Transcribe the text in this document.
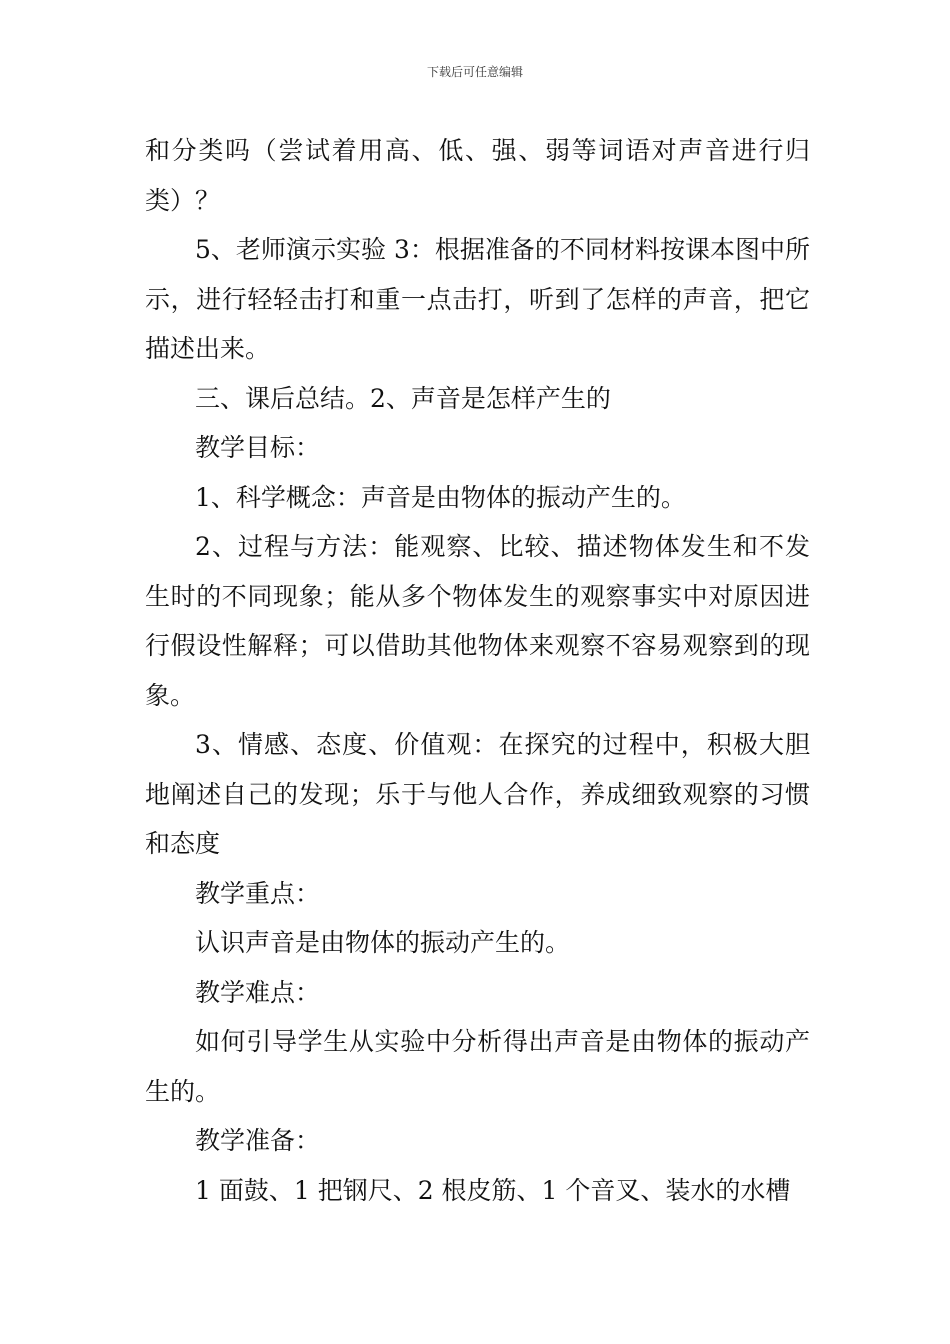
下载后可任意编辑

和分类吗（尝试着用高、低、强、弱等词语对声音进行归类）？

5、老师演示实验 3：根据准备的不同材料按课本图中所示，进行轻轻击打和重一点击打，听到了怎样的声音，把它描述出来。

三、课后总结。2、声音是怎样产生的

教学目标：

1、科学概念：声音是由物体的振动产生的。

2、过程与方法：能观察、比较、描述物体发生和不发生时的不同现象；能从多个物体发生的观察事实中对原因进行假设性解释；可以借助其他物体来观察不容易观察到的现象。

3、情感、态度、价值观：在探究的过程中，积极大胆地阐述自己的发现；乐于与他人合作，养成细致观察的习惯和态度

教学重点：

认识声音是由物体的振动产生的。

教学难点：

如何引导学生从实验中分析得出声音是由物体的振动产生的。

教学准备：

1 面鼓、1 把钢尺、2 根皮筋、1 个音叉、装水的水槽
